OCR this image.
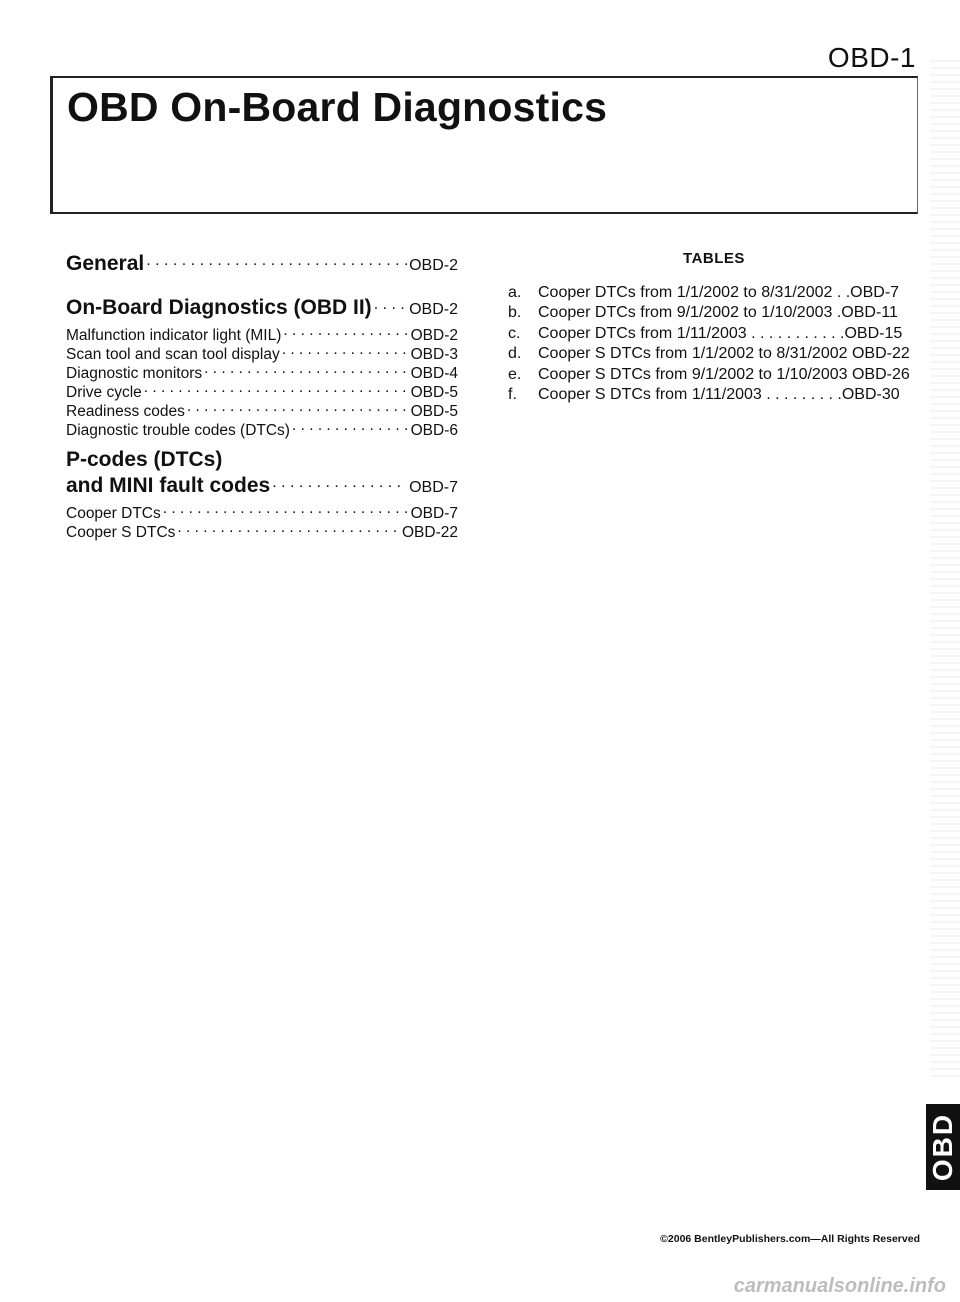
OBD-1
OBD On-Board Diagnostics
General . . .	OBD-2
On-Board Diagnostics (OBD II) . . . OBD-2
Malfunction indicator light (MIL) . . .	OBD-2
Scan tool and scan tool display . . .	OBD-3
Diagnostic monitors . . .	OBD-4
Drive cycle . . .	OBD-5
Readiness codes . . .	OBD-5
Diagnostic trouble codes (DTCs) . . .	OBD-6
P-codes (DTCs)
and MINI fault codes . . .	OBD-7
Cooper DTCs . . .	OBD-7
Cooper S DTCs . . .	OBD-22
TABLES
a.	Cooper DTCs from 1/1/2002 to 8/31/2002 . .OBD-7
b.	Cooper DTCs from 9/1/2002 to 1/10/2003 .OBD-11
c.	Cooper DTCs from 1/11/2003 . . . . . . . . . . .OBD-15
d.	Cooper S DTCs from 1/1/2002 to 8/31/2002 OBD-22
e.	Cooper S DTCs from 9/1/2002 to 1/10/2003 OBD-26
f.	Cooper S DTCs from 1/11/2003 . . . . . . . . .OBD-30
OBD
©2006 BentleyPublishers.com—All Rights Reserved
carmanualsonline.info
